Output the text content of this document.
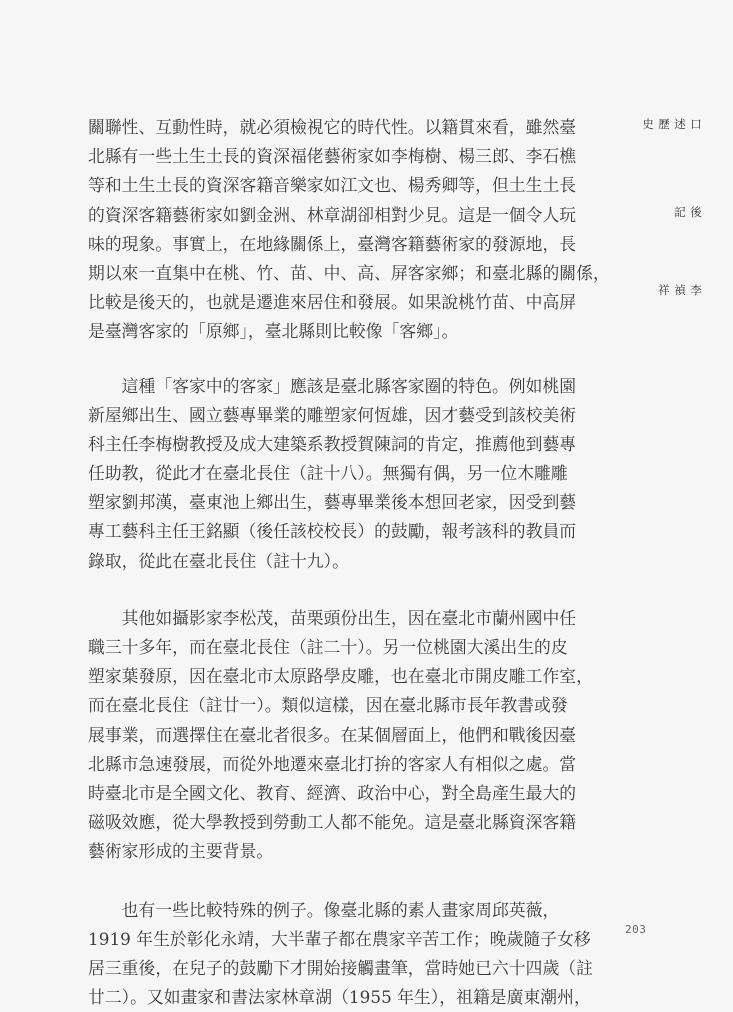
口述歷史
後　記
李禎祥
關聯性、互動性時，就必須檢視它的時代性。以籍貫來看，雖然臺
北縣有一些土生土長的資深福佬藝術家如李梅樹、楊三郎、李石樵
等和土生土長的資深客籍音樂家如江文也、楊秀卿等，但土生土長
的資深客籍藝術家如劉金洲、林章湖卻相對少見。這是一個令人玩
味的現象。事實上，在地緣關係上，臺灣客籍藝術家的發源地，長
期以來一直集中在桃、竹、苗、中、高、屏客家鄉；和臺北縣的關係，
比較是後天的，也就是遷進來居住和發展。如果說桃竹苗、中高屏
是臺灣客家的「原鄉」，臺北縣則比較像「客鄉」。
　　這種「客家中的客家」應該是臺北縣客家圈的特色。例如桃園
新屋鄉出生、國立藝專畢業的雕塑家何恆雄，因才藝受到該校美術
科主任李梅樹教授及成大建築系教授賀陳詞的肯定，推薦他到藝專
任助教，從此才在臺北長住（註十八）。無獨有偶，另一位木雕雕
塑家劉邦漢，臺東池上鄉出生，藝專畢業後本想回老家，因受到藝
專工藝科主任王銘顯（後任該校校長）的鼓勵，報考該科的教員而
錄取，從此在臺北長住（註十九）。
　　其他如攝影家李松茂，苗栗頭份出生，因在臺北市蘭州國中任
職三十多年，而在臺北長住（註二十）。另一位桃園大溪出生的皮
塑家葉發原，因在臺北市太原路學皮雕，也在臺北市開皮雕工作室，
而在臺北長住（註廿一）。類似這樣，因在臺北縣市長年教書或發
展事業，而選擇住在臺北者很多。在某個層面上，他們和戰後因臺
北縣市急速發展，而從外地遷來臺北打拚的客家人有相似之處。當
時臺北市是全國文化、教育、經濟、政治中心，對全島產生最大的
磁吸效應，從大學教授到勞動工人都不能免。這是臺北縣資深客籍
藝術家形成的主要背景。
　　也有一些比較特殊的例子。像臺北縣的素人畫家周邱英薇，
1919 年生於彰化永靖，大半輩子都在農家辛苦工作；晚歲隨子女移
居三重後，在兒子的鼓勵下才開始接觸畫筆，當時她已六十四歲（註
廿二）。又如畫家和書法家林章湖（1955 年生），祖籍是廣東潮州，
203
